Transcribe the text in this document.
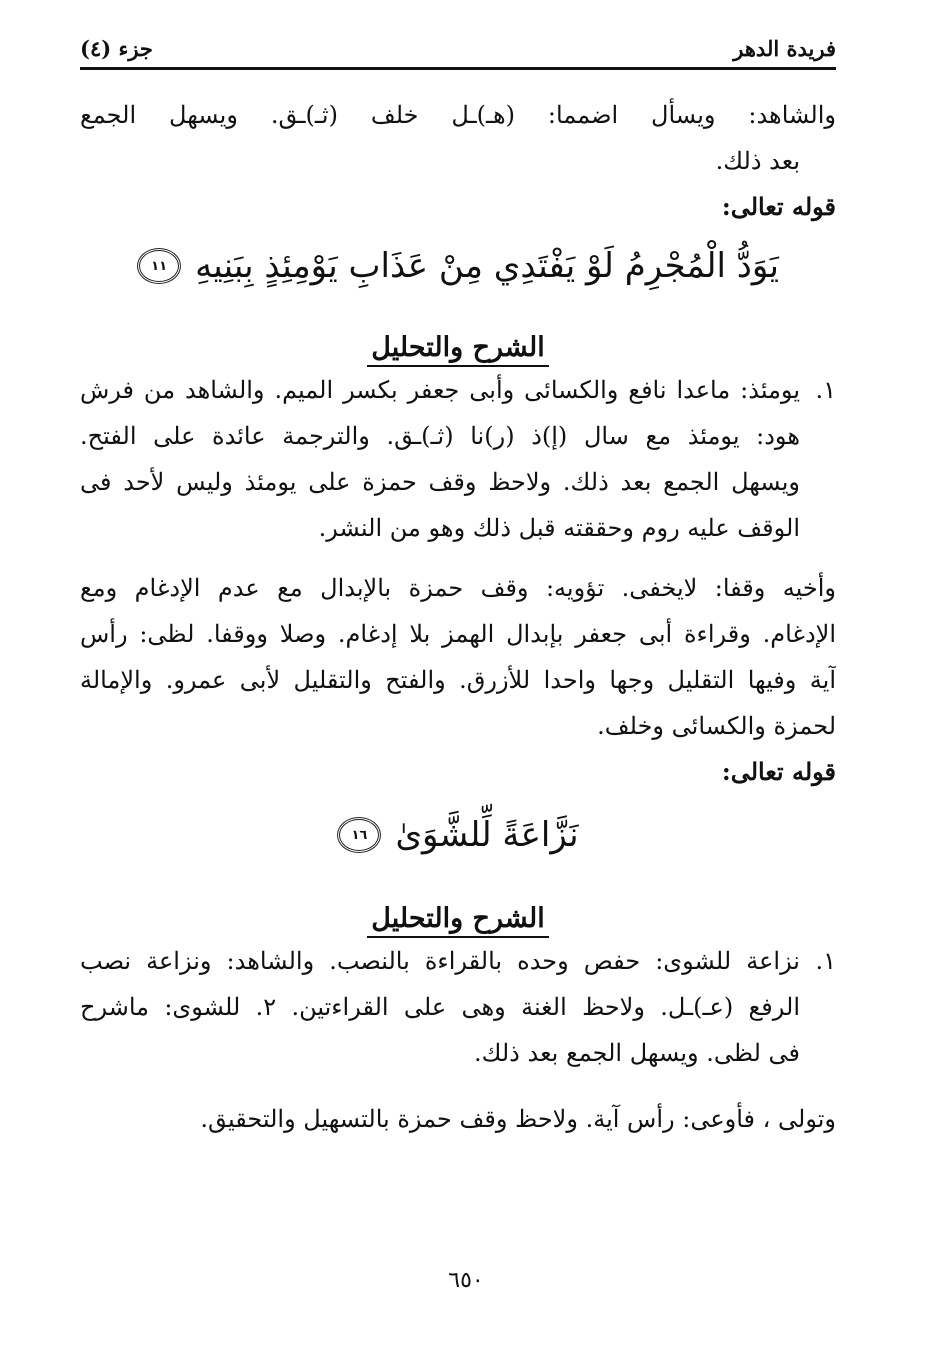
فريدة الدهر
جزء (٤)

والشاهد: ويسأل اضمما: (هـ)ـل خلف (ثـ)ـق. ويسهل الجمع
بعد ذلك.

قوله تعالى:

يَوَدُّ الْمُجْرِمُ لَوْ يَفْتَدِي مِنْ عَذَابِ يَوْمِئِذٍ بِبَنِيهِ
١١

الشرح والتحليل

١.يومئذ: ماعدا نافع والكسائى وأبى جعفر بكسر الميم. والشاهد من فرش
هود: يومئذ مع سال (إ)ذ (ر)نا (ثـ)ـق. والترجمة عائدة على الفتح.
ويسهل الجمع بعد ذلك. ولاحظ وقف حمزة على يومئذ وليس لأحد فى
الوقف عليه روم وحققته قبل ذلك وهو من النشر.

وأخيه وقفا: لايخفى. تؤويه: وقف حمزة بالإبدال مع عدم الإدغام ومع
الإدغام. وقراءة أبى جعفر بإبدال الهمز بلا إدغام. وصلا ووقفا. لظى: رأس
آية وفيها التقليل وجها واحدا للأزرق. والفتح والتقليل لأبى عمرو. والإمالة
لحمزة والكسائى وخلف.

قوله تعالى:

نَزَّاعَةً لِّلشَّوَىٰ
١٦

الشرح والتحليل

١.نزاعة للشوى: حفص وحده بالقراءة بالنصب. والشاهد: ونزاعة نصب
الرفع (عـ)ـل. ولاحظ الغنة وهى على القراءتين. ٢. للشوى: ماشرح
فى لظى. ويسهل الجمع بعد ذلك.

وتولى ، فأوعى: رأس آية. ولاحظ وقف حمزة بالتسهيل والتحقيق.

٦٥٠
